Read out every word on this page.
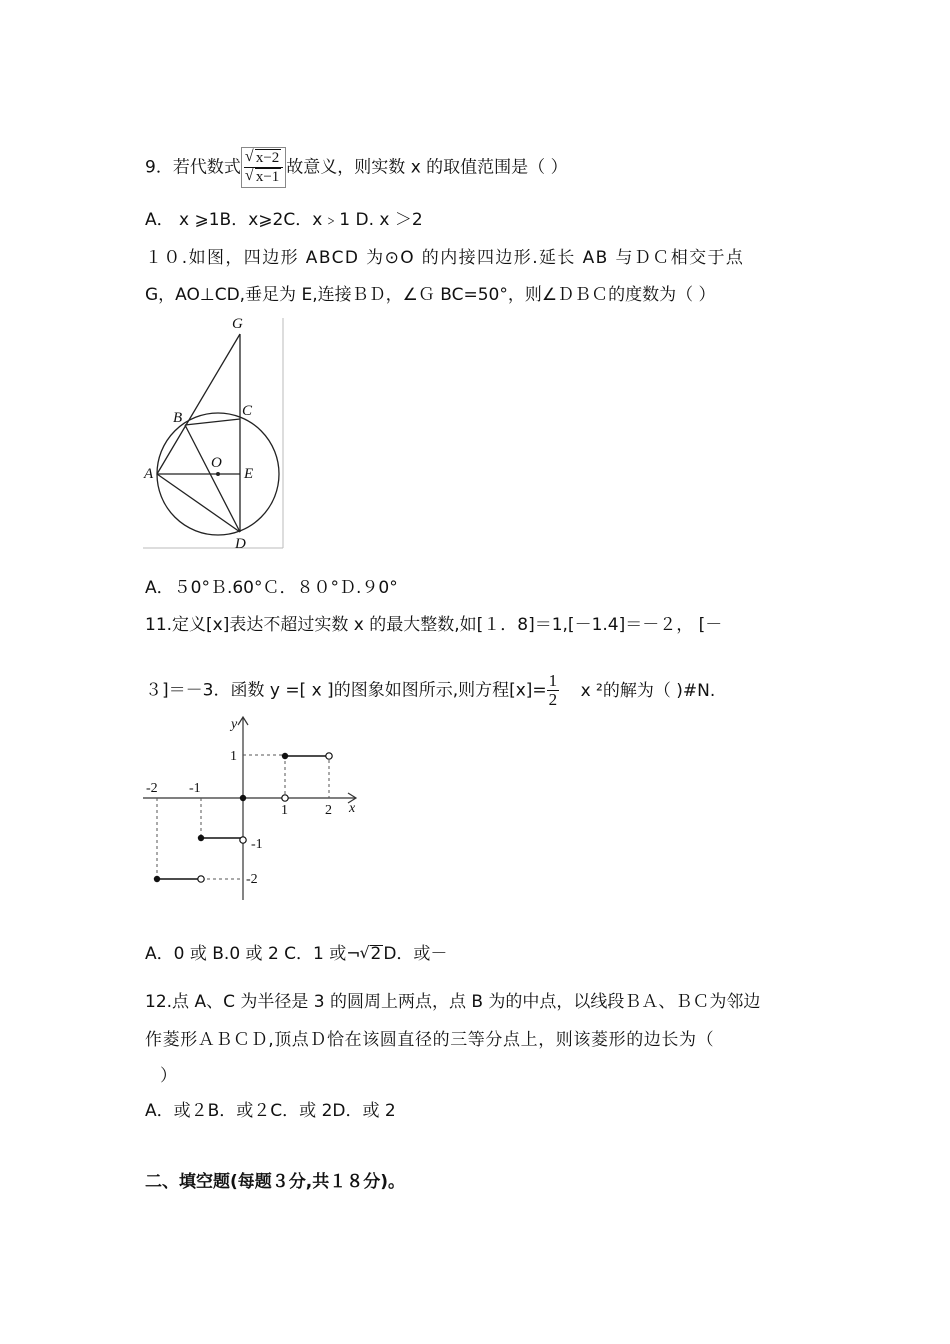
9．若代数式 √ x−2
√ x−1 故意义，则实数 x 的取值范围是（ ）
A． x ⩾1B．x⩾2C．x﹥1 D. x ＞2
１０.如图，四边形 ABCD 为⊙O 的内接四边形.延长 AB 与ＤＣ相交于点
G，AO⊥CD,垂足为 E,连接ＢＤ，∠Ｇ BC=50°，则∠ＤＢＣ的度数为（ ）
G
B	C
A
O
E
D
A．５0°Ｂ.60°Ｃ．８０°Ｄ.９0°
11.定义[x]表达不超过实数 x 的最大整数,如[１．8]＝1,[－1.4]＝－２， [－
３]＝－3．函数 y =[ x ]的图象如图所示,则方程$[x]= \frac{1}{2}$ x ²的解为（ )#N.
y
x
1
-1
-2
-2 -1
1	2
A．0 或 B.0 或 2 C．1 或¬ √ 2 D．或－
12.点 A、C 为半径是 3 的圆周上两点，点 B 为的中点，以线段ＢＡ、ＢＣ为邻边
作菱形ＡＢＣＤ,顶点Ｄ恰在该圆直径的三等分点上，则该菱形的边长为（
）
A．或２B．或２C．或 2D．或 2
二、填空题(每题３分,共１８分)。
